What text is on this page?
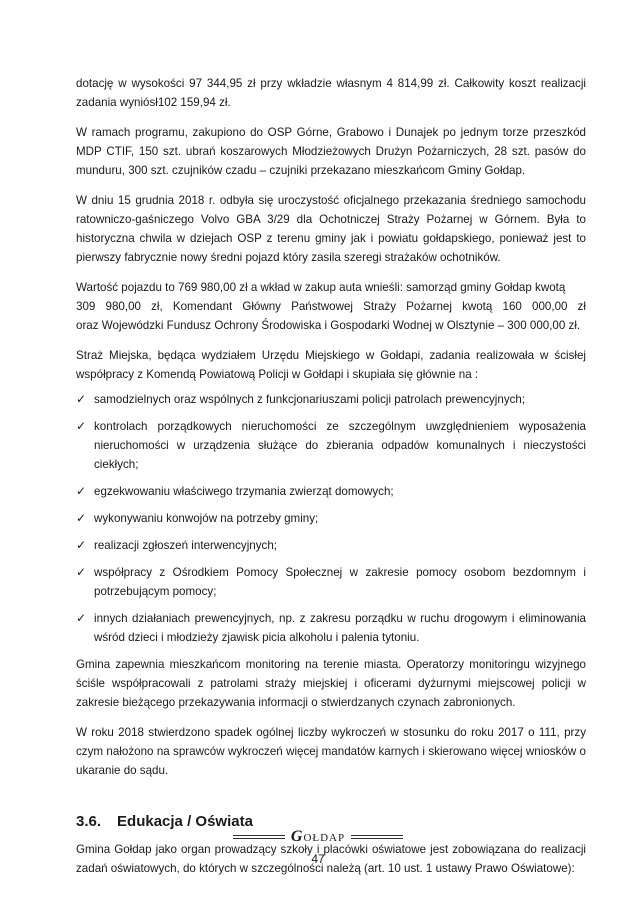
dotację w wysokości 97 344,95 zł przy wkładzie własnym 4 814,99 zł. Całkowity koszt realizacji zadania wyniósł102 159,94 zł.

W ramach programu, zakupiono do OSP Górne, Grabowo i Dunajek po jednym torze przeszkód MDP CTIF, 150 szt. ubrań koszarowych Młodzieżowych Drużyn Pożarniczych, 28 szt. pasów do munduru, 300 szt. czujników czadu – czujniki przekazano mieszkańcom Gminy Gołdap.

W dniu 15 grudnia 2018 r. odbyła się uroczystość oficjalnego przekazania średniego samochodu ratowniczo-gaśniczego Volvo GBA 3/29 dla Ochotniczej Straży Pożarnej w Górnem. Była to historyczna chwila w dziejach OSP z terenu gminy jak i powiatu gołdapskiego, ponieważ jest to pierwszy fabrycznie nowy średni pojazd który zasila szeregi strażaków ochotników.

Wartość pojazdu to 769 980,00 zł a wkład w zakup auta wnieśli: samorząd gminy Gołdap kwotą
309 980,00 zł, Komendant Główny Państwowej Straży Pożarnej kwotą 160 000,00 zł
oraz Wojewódzki Fundusz Ochrony Środowiska i Gospodarki Wodnej w Olsztynie – 300 000,00 zł.

Straż Miejska, będąca wydziałem Urzędu Miejskiego w Gołdapi, zadania realizowała w ścisłej współpracy z Komendą Powiatową Policji w Gołdapi i skupiała się głównie na :

✓ samodzielnych oraz wspólnych z funkcjonariuszami policji patrolach prewencyjnych;
✓ kontrolach porządkowych nieruchomości ze szczególnym uwzględnieniem wyposażenia nieruchomości w urządzenia służące do zbierania odpadów komunalnych i nieczystości ciekłych;
✓ egzekwowaniu właściwego trzymania zwierząt domowych;
✓ wykonywaniu konwojów na potrzeby gminy;
✓ realizacji zgłoszeń interwencyjnych;
✓ współpracy z Ośrodkiem Pomocy Społecznej w zakresie pomocy osobom bezdomnym i potrzebującym pomocy;
✓ innych działaniach prewencyjnych, np. z zakresu porządku w ruchu drogowym i eliminowania wśród dzieci i młodzieży zjawisk picia alkoholu i palenia tytoniu.

Gmina zapewnia mieszkańcom monitoring na terenie miasta. Operatorzy monitoringu wizyjnego ściśle współpracowali z patrolami straży miejskiej i oficerami dyżurnymi miejscowej policji w zakresie bieżącego przekazywania informacji o stwierdzanych czynach zabronionych.

W roku 2018 stwierdzono spadek ogólnej liczby wykroczeń w stosunku do roku 2017 o 111, przy czym nałożono na sprawców wykroczeń więcej mandatów karnych i skierowano więcej wniosków o ukaranie do sądu.

3.6. Edukacja / Oświata

Gmina Gołdap jako organ prowadzący szkoły i placówki oświatowe jest zobowiązana do realizacji zadań oświatowych, do których w szczególności należą (art. 10 ust. 1 ustawy Prawo Oświatowe):

GOŁDAP
47
